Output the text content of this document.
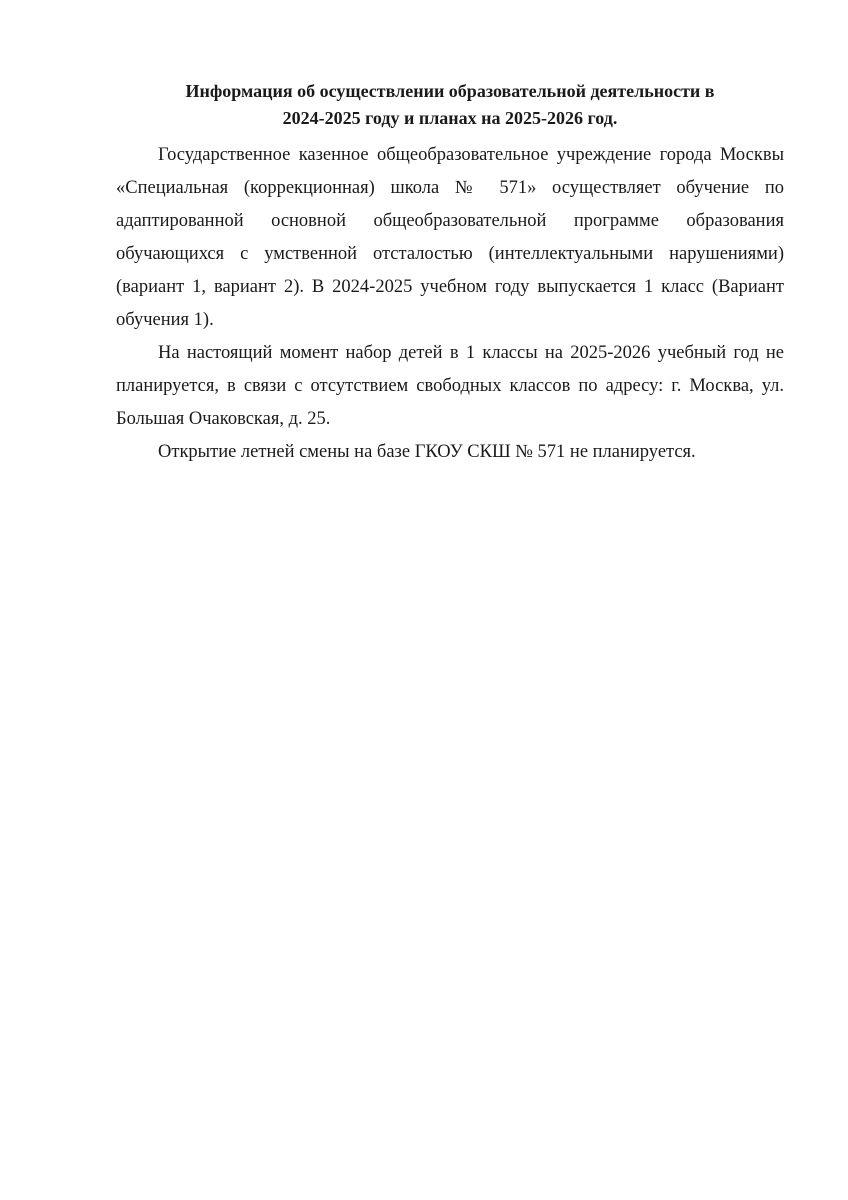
Информация об осуществлении образовательной деятельности в
2024-2025 году и планах на 2025-2026 год.

Государственное казенное общеобразовательное учреждение города Москвы «Специальная (коррекционная) школа № 571» осуществляет обучение по адаптированной основной общеобразовательной программе образования обучающихся с умственной отсталостью (интеллектуальными нарушениями) (вариант 1, вариант 2). В 2024-2025 учебном году выпускается 1 класс (Вариант обучения 1).

На настоящий момент набор детей в 1 классы на 2025-2026 учебный год не планируется, в связи с отсутствием свободных классов по адресу: г. Москва, ул. Большая Очаковская, д. 25.

Открытие летней смены на базе ГКОУ СКШ № 571 не планируется.
